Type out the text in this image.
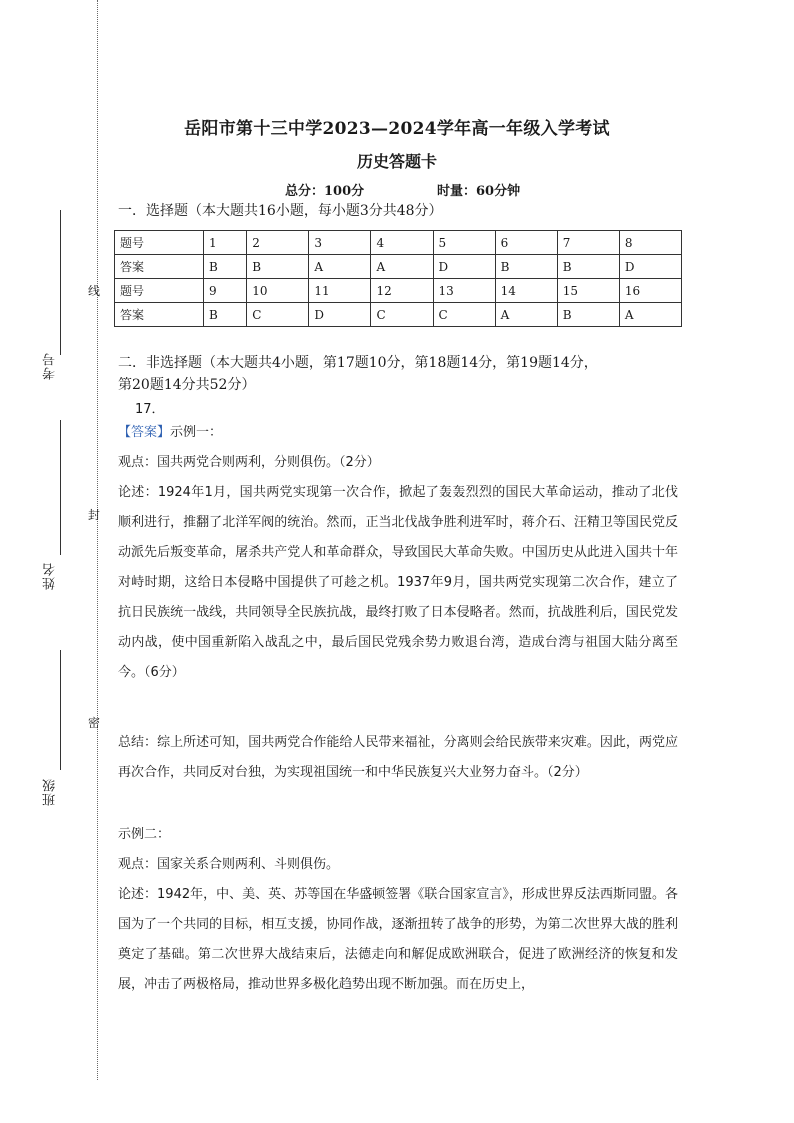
考号
姓名
班级
线
封
密
岳阳市第十三中学2023—2024学年高一年级入学考试
历史答题卡
总分：100分	时量：60分钟
一．选择题（本大题共16小题，每小题3分共48分）
题号	1	2	3	4	5	6	7	8
答案	B	B	A	A	D	B	B	D
题号	9	10	11	12	13	14	15	16
答案	B	C	D	C	C	A	B	A

二．非选择题（本大题共4小题，第17题10分，第18题14分，第19题14分，

第20题14分共52分）

17．

【答案】示例一：

观点：国共两党合则两利，分则俱伤。（2分）

论述：1924年1月，国共两党实现第一次合作，掀起了轰轰烈烈的国民大革命运动，推动了北伐顺利进行，推翻了北洋军阀的统治。然而，正当北伐战争胜利进军时，蒋介石、汪精卫等国民党反动派先后叛变革命，屠杀共产党人和革命群众，导致国民大革命失败。中国历史从此进入国共十年对峙时期，这给日本侵略中国提供了可趁之机。1937年9月，国共两党实现第二次合作，建立了抗日民族统一战线，共同领导全民族抗战，最终打败了日本侵略者。然而，抗战胜利后，国民党发动内战，使中国重新陷入战乱之中，最后国民党残余势力败退台湾，造成台湾与祖国大陆分离至今。（6分）

总结：综上所述可知，国共两党合作能给人民带来福祉，分离则会给民族带来灾难。因此，两党应再次合作，共同反对台独，为实现祖国统一和中华民族复兴大业努力奋斗。（2分）

示例二：

观点：国家关系合则两利、斗则俱伤。

论述：1942年，中、美、英、苏等国在华盛顿签署《联合国家宣言》，形成世界反法西斯同盟。各国为了一个共同的目标，相互支援，协同作战，逐渐扭转了战争的形势，为第二次世界大战的胜利奠定了基础。第二次世界大战结束后，法德走向和解促成欧洲联合，促进了欧洲经济的恢复和发展，冲击了两极格局，推动世界多极化趋势出现不断加强。而在历史上，
